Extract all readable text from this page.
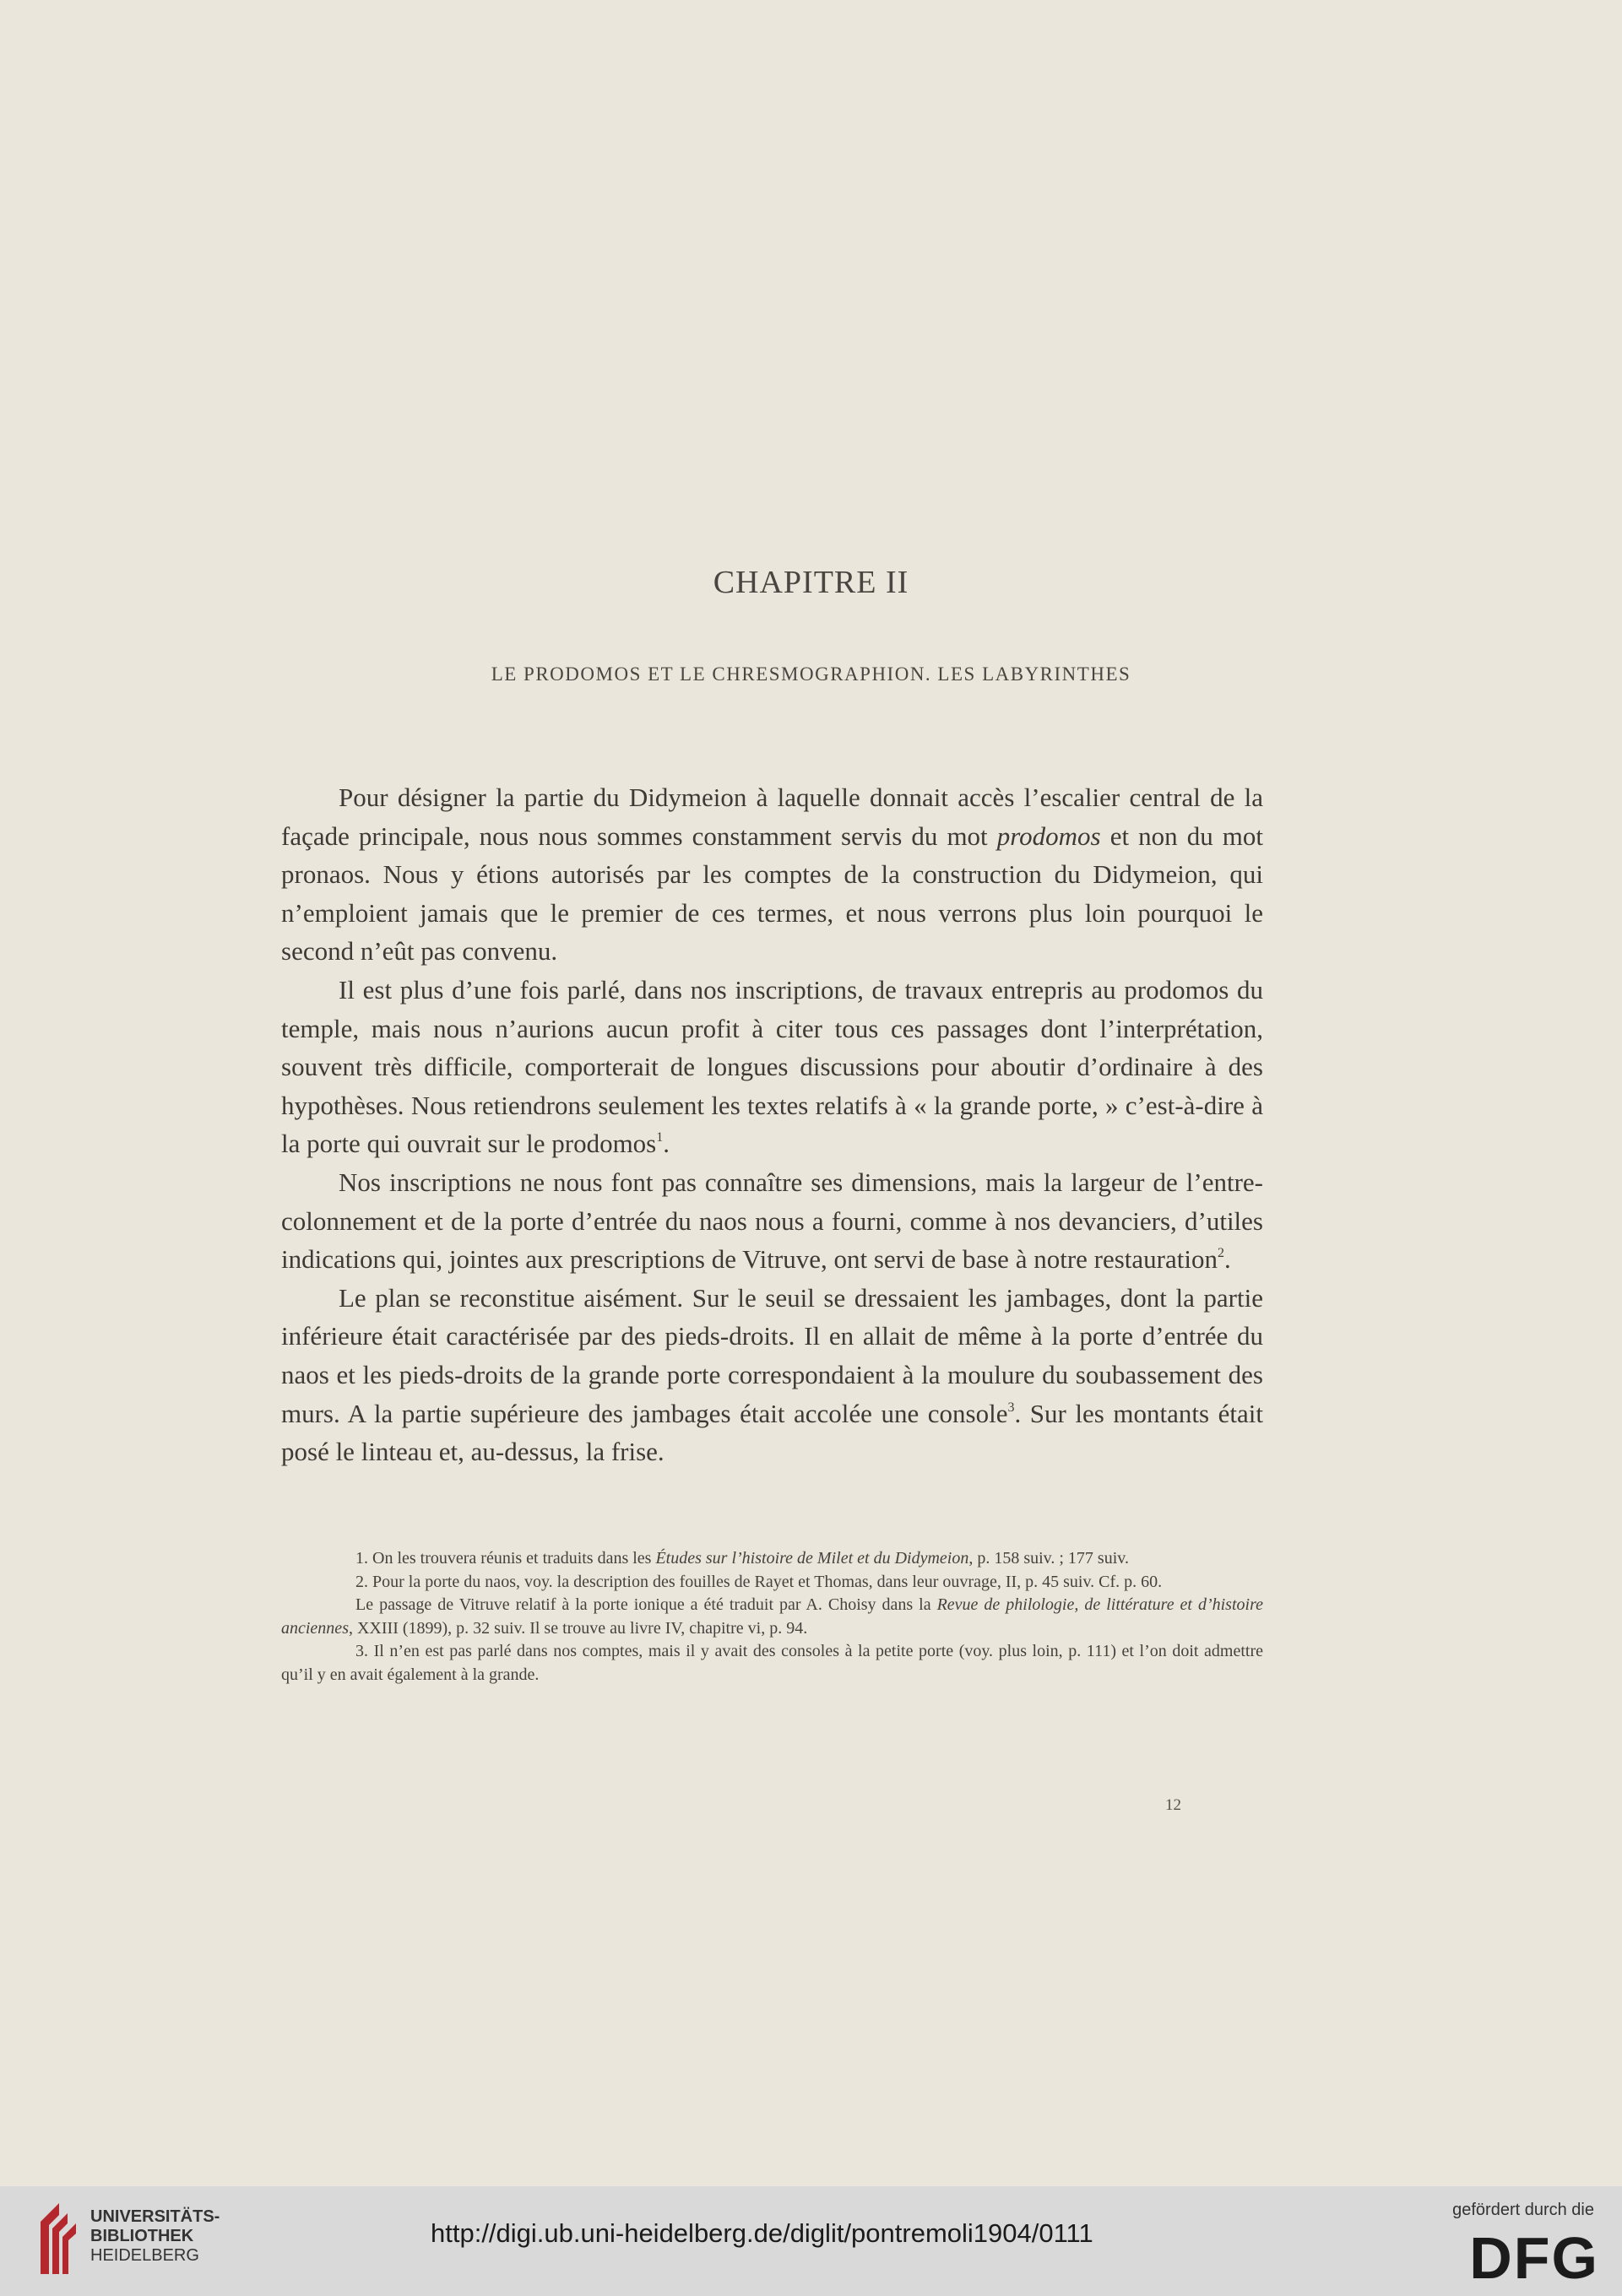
CHAPITRE II
LE PRODOMOS ET LE CHRESMOGRAPHION. LES LABYRINTHES

Pour désigner la partie du Didymeion à laquelle donnait accès l’escalier central de la façade principale, nous nous sommes constamment servis du mot prodomos et non du mot pronaos. Nous y étions autorisés par les comptes de la construction du Didymeion, qui n’emploient jamais que le premier de ces termes, et nous verrons plus loin pourquoi le second n’eût pas convenu.

Il est plus d’une fois parlé, dans nos inscriptions, de travaux entrepris au prodomos du temple, mais nous n’aurions aucun profit à citer tous ces passages dont l’interprétation, souvent très difficile, comporterait de longues discussions pour aboutir d’ordinaire à des hypothèses. Nous retiendrons seulement les textes relatifs à « la grande porte, » c’est-à-dire à la porte qui ouvrait sur le prodomos$^1$.

Nos inscriptions ne nous font pas connaître ses dimensions, mais la largeur de l’entre-colonnement et de la porte d’entrée du naos nous a fourni, comme à nos devanciers, d’utiles indications qui, jointes aux prescriptions de Vitruve, ont servi de base à notre restauration$^2$.

Le plan se reconstitue aisément. Sur le seuil se dressaient les jambages, dont la partie inférieure était caractérisée par des pieds-droits. Il en allait de même à la porte d’entrée du naos et les pieds-droits de la grande porte correspondaient à la moulure du soubassement des murs. A la partie supérieure des jambages était accolée une console$^3$. Sur les montants était posé le linteau et, au-dessus, la frise.

1. On les trouvera réunis et traduits dans les Études sur l’histoire de Milet et du Didymeion, p. 158 suiv. ; 177 suiv.

2. Pour la porte du naos, voy. la description des fouilles de Rayet et Thomas, dans leur ouvrage, II, p. 45 suiv. Cf. p. 60.

Le passage de Vitruve relatif à la porte ionique a été traduit par A. Choisy dans la Revue de philologie, de littérature et d’histoire anciennes, XXIII (1899), p. 32 suiv. Il se trouve au livre IV, chapitre vi, p. 94.

3. Il n’en est pas parlé dans nos comptes, mais il y avait des consoles à la petite porte (voy. plus loin, p. 111) et l’on doit admettre qu’il y en avait également à la grande.

12
UNIVERSITÄTS-
BIBLIOTHEK
HEIDELBERG
http://digi.ub.uni-heidelberg.de/diglit/pontremoli1904/0111
gefördert durch die
DFG
